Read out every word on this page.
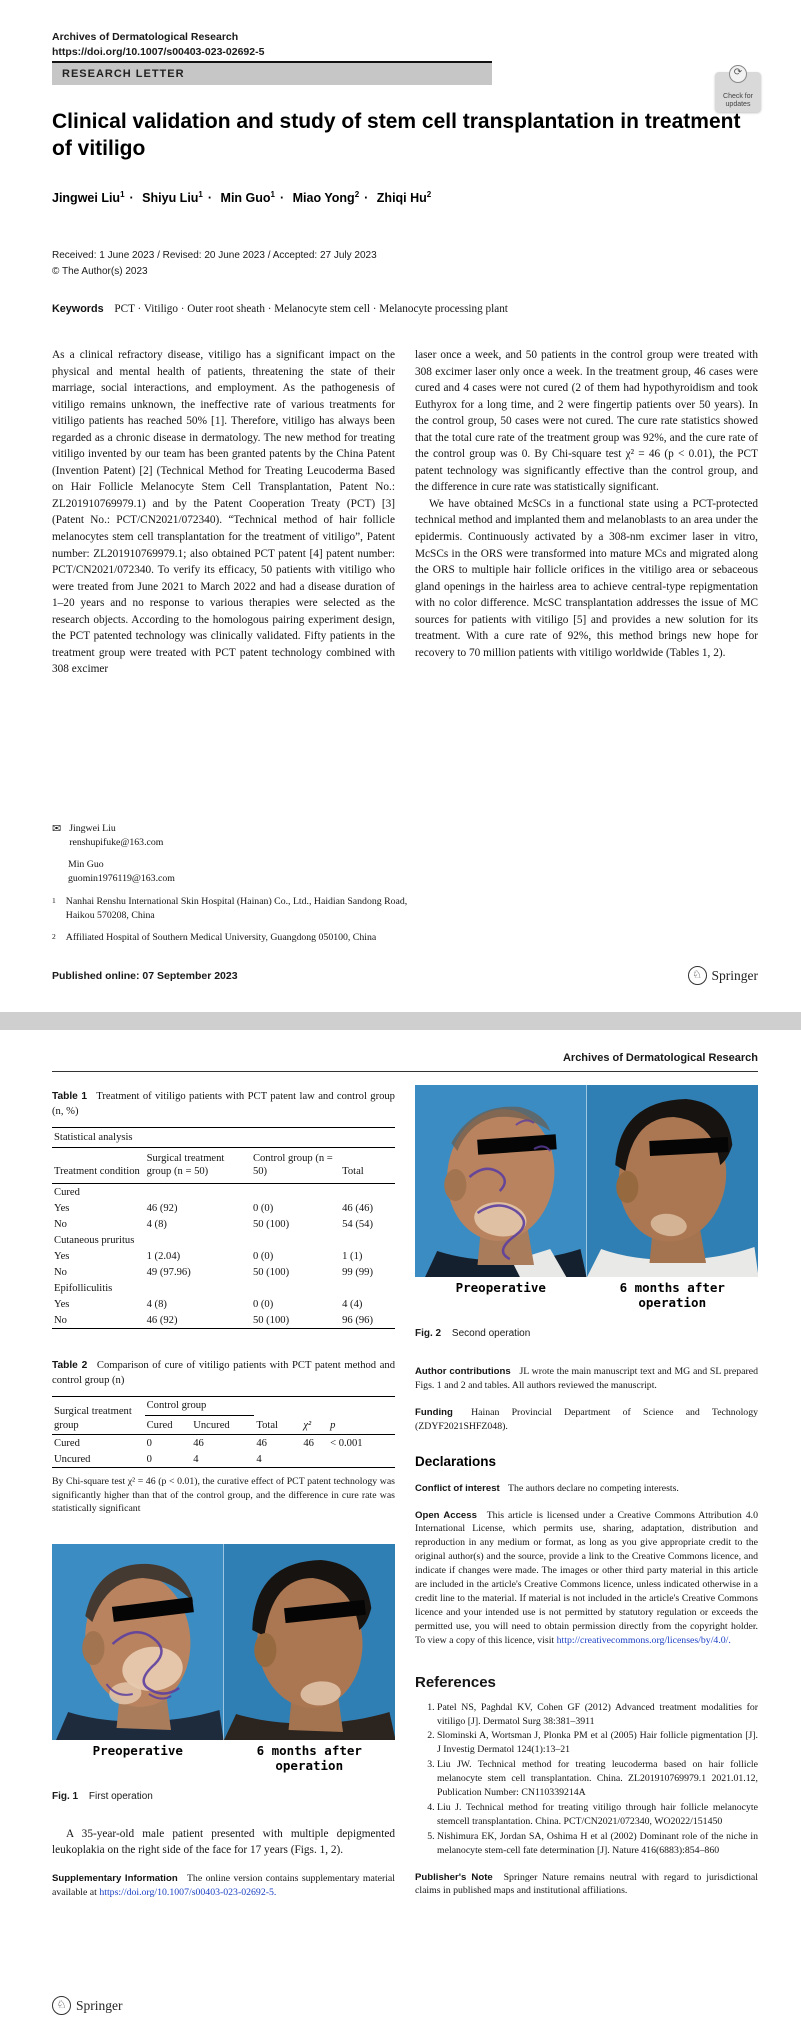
Archives of Dermatological Research
https://doi.org/10.1007/s00403-023-02692-5
RESEARCH LETTER	⟳
Check for updates
Clinical validation and study of stem cell transplantation in treatment of vitiligo
Jingwei Liu$^1$ · Shiyu Liu$^1$ · Min Guo$^1$ · Miao Yong$^2$ · Zhiqi Hu$^2$
Received: 1 June 2023 / Revised: 20 June 2023 / Accepted: 27 July 2023
© The Author(s) 2023
Keywords PCT · Vitiligo · Outer root sheath · Melanocyte stem cell · Melanocyte processing plant

As a clinical refractory disease, vitiligo has a significant impact on the physical and mental health of patients, threatening the state of their marriage, social interactions, and employment. As the pathogenesis of vitiligo remains unknown, the ineffective rate of various treatments for vitiligo patients has reached 50% [1]. Therefore, vitiligo has always been regarded as a chronic disease in dermatology. The new method for treating vitiligo invented by our team has been granted patents by the China Patent (Invention Patent) [2] (Technical Method for Treating Leucoderma Based on Hair Follicle Melanocyte Stem Cell Transplantation, Patent No.: ZL201910769979.1) and by the Patent Cooperation Treaty (PCT) [3] (Patent No.: PCT/CN2021/072340). “Technical method of hair follicle melanocytes stem cell transplantation for the treatment of vitiligo”, Patent number: ZL201910769979.1; also obtained PCT patent [4] patent number: PCT/CN2021/072340. To verify its efficacy, 50 patients with vitiligo who were treated from June 2021 to March 2022 and had a disease duration of 1–20 years and no response to various therapies were selected as the research objects. According to the homologous pairing experiment design, the PCT patented technology was clinically validated. Fifty patients in the treatment group were treated with PCT patent technology combined with 308 excimer

laser once a week, and 50 patients in the control group were treated with 308 excimer laser only once a week. In the treatment group, 46 cases were cured and 4 cases were not cured (2 of them had hypothyroidism and took Euthyrox for a long time, and 2 were fingertip patients over 50 years). In the control group, 50 cases were not cured. The cure rate statistics showed that the total cure rate of the treatment group was 92%, and the cure rate of the control group was 0. By Chi-square test χ² = 46 (p < 0.01), the PCT patent technology was significantly effective than the control group, and the difference in cure rate was statistically significant.

We have obtained McSCs in a functional state using a PCT-protected technical method and implanted them and melanoblasts to an area under the epidermis. Continuously activated by a 308-nm excimer laser in vitro, McSCs in the ORS were transformed into mature MCs and migrated along the ORS to multiple hair follicle orifices in the vitiligo area or sebaceous gland openings in the hairless area to achieve central-type repigmentation with no color difference. McSC transplantation addresses the issue of MC sources for patients with vitiligo [5] and provides a new solution for its treatment. With a cure rate of 92%, this method brings new hope for recovery to 70 million patients with vitiligo worldwide (Tables 1, 2).

✉ Jingwei Liu
renshupifuke@163.com
Min Guo
guomin1976119@163.com
1 Nanhai Renshu International Skin Hospital (Hainan) Co., Ltd., Haidian Sandong Road, Haikou 570208, China
2 Affiliated Hospital of Southern Medical University, Guangdong 050100, China
Published online: 07 September 2023	♘ Springer
Archives of Dermatological Research
Table 1 Treatment of vitiligo patients with PCT patent law and control group (n, %)
Statistical analysis			
Treatment condition	Surgical treatment group (n = 50)	Control group (n = 50)	Total
Cured			
Yes	46 (92)	0 (0)	46 (46)
No	4 (8)	50 (100)	54 (54)
Cutaneous pruritus			
Yes	1 (2.04)	0 (0)	1 (1)
No	49 (97.96)	50 (100)	99 (99)
Epifolliculitis			
Yes	4 (8)	0 (0)	4 (4)
No	46 (92)	50 (100)	96 (96)
Table 2 Comparison of cure of vitiligo patients with PCT patent method and control group (n)
Surgical treatment group	Control group		Total	χ²	p
	Cured	Uncured			
Cured	0	46	46	46	< 0.001
Uncured	0	4	4		
By Chi-square test χ² = 46 (p < 0.01), the curative effect of PCT patent technology was significantly higher than that of the control group, and the difference in cure rate was statistically significant
Preoperative	6 months after operation
Fig. 1 First operation

A 35-year-old male patient presented with multiple depigmented leukoplakia on the right side of the face for 17 years (Figs. 1, 2).

Supplementary Information The online version contains supplementary material available at https://doi.org/10.1007/s00403-023-02692-5.

Preoperative	6 months after operation
Fig. 2 Second operation

Author contributions JL wrote the main manuscript text and MG and SL prepared Figs. 1 and 2 and tables. All authors reviewed the manuscript.

Funding Hainan Provincial Department of Science and Technology (ZDYF2021SHFZ048).

Declarations

Conflict of interest The authors declare no competing interests.

Open Access This article is licensed under a Creative Commons Attribution 4.0 International License, which permits use, sharing, adaptation, distribution and reproduction in any medium or format, as long as you give appropriate credit to the original author(s) and the source, provide a link to the Creative Commons licence, and indicate if changes were made. The images or other third party material in this article are included in the article's Creative Commons licence, unless indicated otherwise in a credit line to the material. If material is not included in the article's Creative Commons licence and your intended use is not permitted by statutory regulation or exceeds the permitted use, you will need to obtain permission directly from the copyright holder. To view a copy of this licence, visit http://creativecommons.org/licenses/by/4.0/.

References
1. Patel NS, Paghdal KV, Cohen GF (2012) Advanced treatment modalities for vitiligo [J]. Dermatol Surg 38:381–3911
2. Slominski A, Wortsman J, Plonka PM et al (2005) Hair follicle pigmentation [J]. J Investig Dermatol 124(1):13–21
3. Liu JW. Technical method for treating leucoderma based on hair follicle melanocyte stem cell transplantation. China. ZL201910769979.1 2021.01.12, Publication Number: CN110339214A
4. Liu J. Technical method for treating vitiligo through hair follicle melanocyte stemcell transplantation. China. PCT/CN2021/072340, WO2022/151450
5. Nishimura EK, Jordan SA, Oshima H et al (2002) Dominant role of the niche in melanocyte stem-cell fate determination [J]. Nature 416(6883):854–860

Publisher's Note Springer Nature remains neutral with regard to jurisdictional claims in published maps and institutional affiliations.

♘ Springer
